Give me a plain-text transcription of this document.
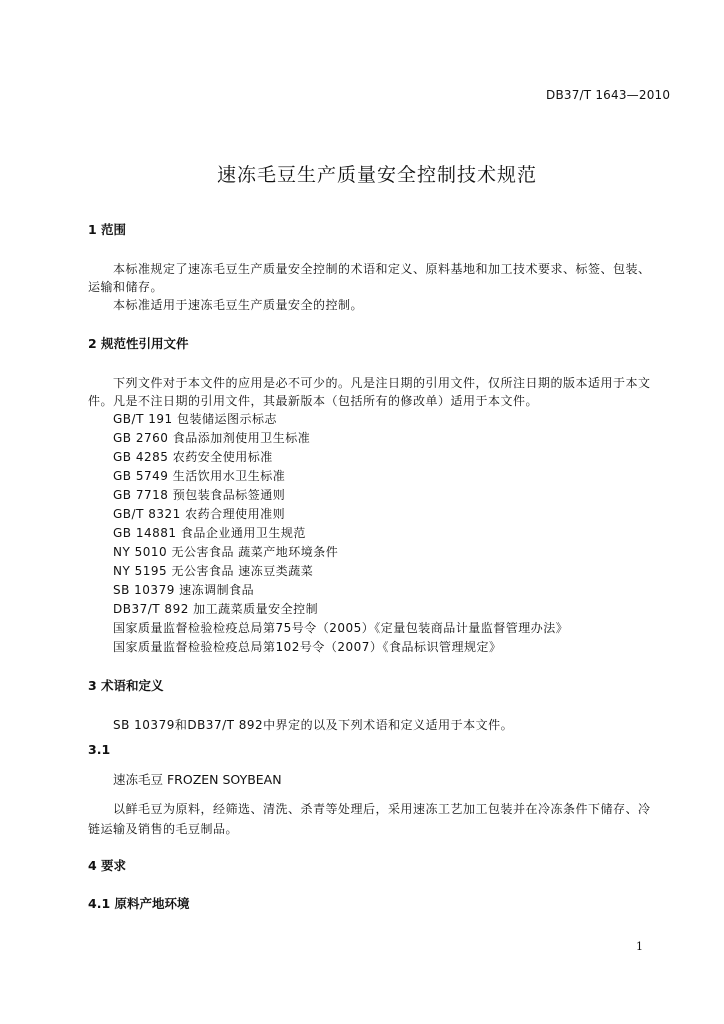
DB37/T 1643—2010
速冻毛豆生产质量安全控制技术规范
1 范围
本标准规定了速冻毛豆生产质量安全控制的术语和定义、原料基地和加工技术要求、标签、包装、
运输和储存。
本标准适用于速冻毛豆生产质量安全的控制。
2 规范性引用文件
下列文件对于本文件的应用是必不可少的。凡是注日期的引用文件，仅所注日期的版本适用于本文
件。凡是不注日期的引用文件，其最新版本（包括所有的修改单）适用于本文件。
GB/T 191 包装储运图示标志
GB 2760 食品添加剂使用卫生标准
GB 4285 农药安全使用标准
GB 5749 生活饮用水卫生标准
GB 7718 预包装食品标签通则
GB/T 8321 农药合理使用准则
GB 14881 食品企业通用卫生规范
NY 5010 无公害食品 蔬菜产地环境条件
NY 5195 无公害食品 速冻豆类蔬菜
SB 10379 速冻调制食品
DB37/T 892 加工蔬菜质量安全控制
国家质量监督检验检疫总局第75号令（2005）《定量包装商品计量监督管理办法》
国家质量监督检验检疫总局第102号令（2007）《食品标识管理规定》
3 术语和定义
SB 10379和DB37/T 892中界定的以及下列术语和定义适用于本文件。
3.1
速冻毛豆 FROZEN SOYBEAN
以鲜毛豆为原料，经筛选、清洗、杀青等处理后，采用速冻工艺加工包装并在冷冻条件下储存、冷
链运输及销售的毛豆制品。
4 要求
4.1 原料产地环境
1
